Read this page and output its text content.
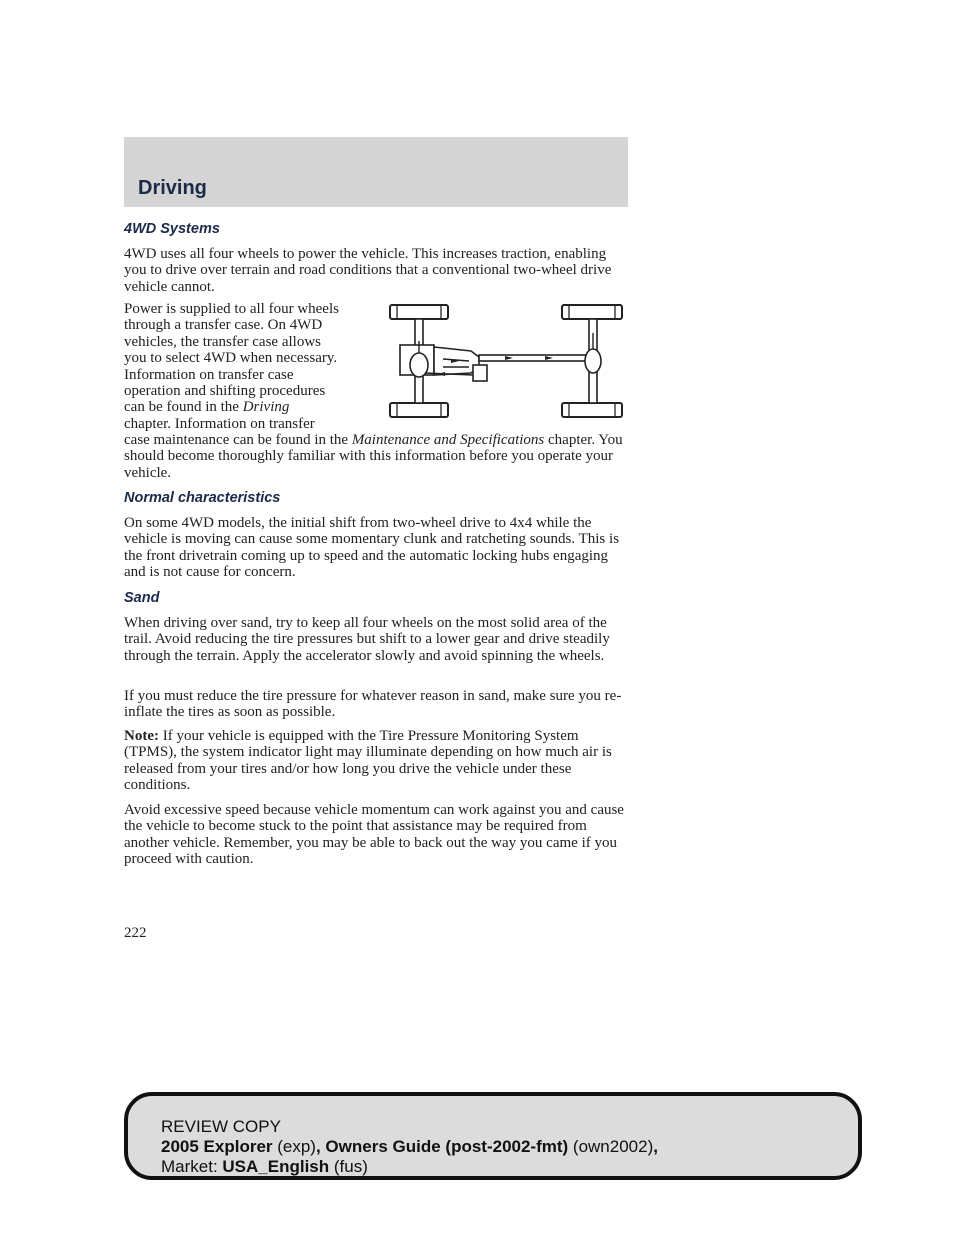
Driving
4WD Systems
4WD uses all four wheels to power the vehicle. This increases traction, enabling you to drive over terrain and road conditions that a conventional two-wheel drive vehicle cannot.
Power is supplied to all four wheels
through a transfer case. On 4WD
vehicles, the transfer case allows
you to select 4WD when necessary.
Information on transfer case
operation and shifting procedures
can be found in the Driving
chapter. Information on transfer
case maintenance can be found in the Maintenance and Specifications chapter. You should become thoroughly familiar with this information before you operate your vehicle.
Normal characteristics
On some 4WD models, the initial shift from two-wheel drive to 4x4 while the vehicle is moving can cause some momentary clunk and ratcheting sounds. This is the front drivetrain coming up to speed and the automatic locking hubs engaging and is not cause for concern.
Sand
When driving over sand, try to keep all four wheels on the most solid area of the trail. Avoid reducing the tire pressures but shift to a lower gear and drive steadily through the terrain. Apply the accelerator slowly and avoid spinning the wheels.
If you must reduce the tire pressure for whatever reason in sand, make sure you re-inflate the tires as soon as possible.
Note: If your vehicle is equipped with the Tire Pressure Monitoring System (TPMS), the system indicator light may illuminate depending on how much air is released from your tires and/or how long you drive the vehicle under these conditions.
Avoid excessive speed because vehicle momentum can work against you and cause the vehicle to become stuck to the point that assistance may be required from another vehicle. Remember, you may be able to back out the way you came if you proceed with caution.
222
REVIEW COPY
2005 Explorer (exp), Owners Guide (post-2002-fmt) (own2002),
Market: USA_English (fus)
